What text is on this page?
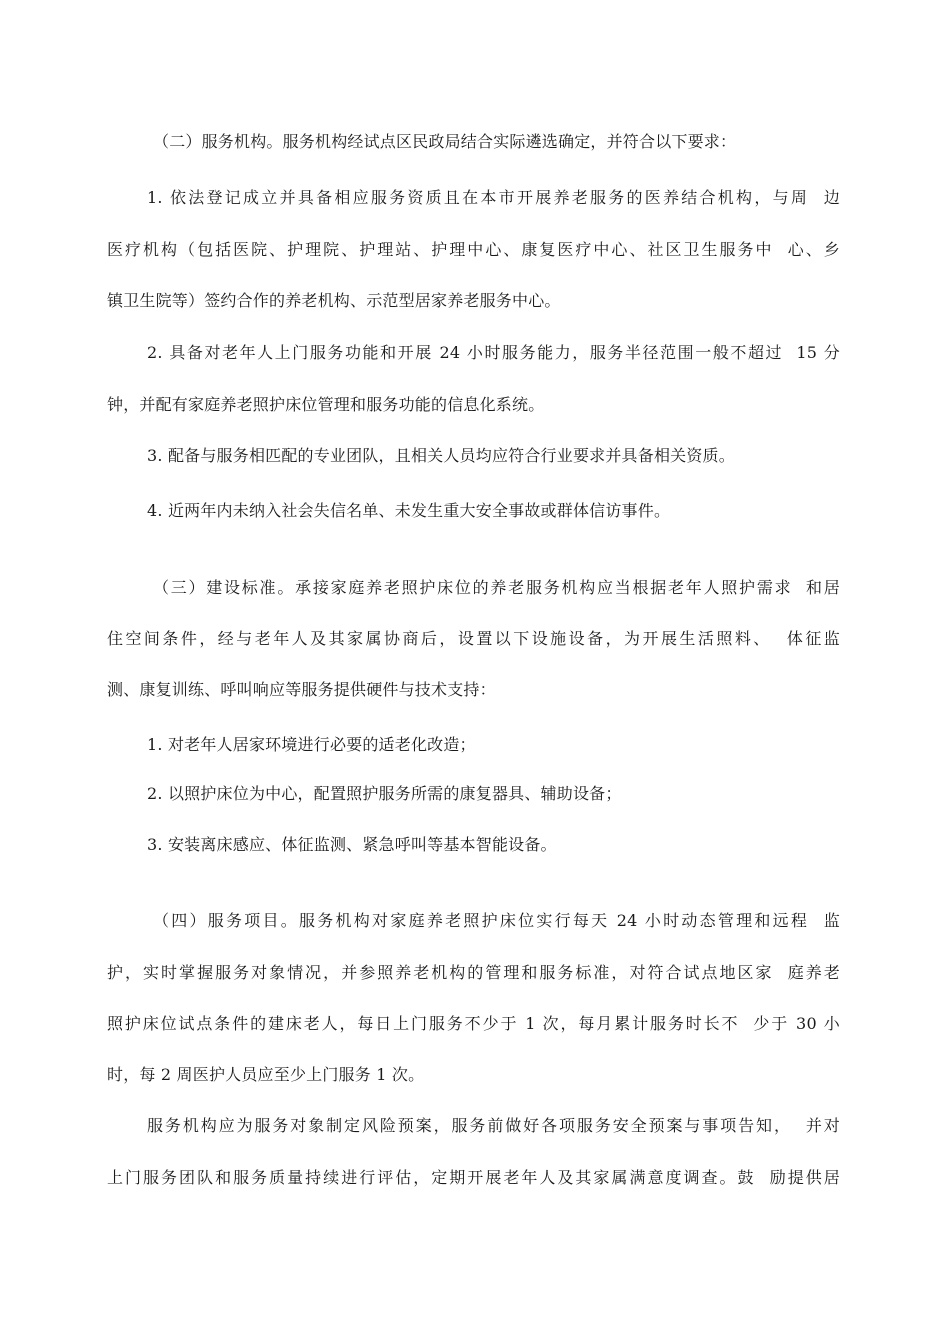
（二）服务机构。服务机构经试点区民政局结合实际遴选确定，并符合以下要求：
1. 依法登记成立并具备相应服务资质且在本市开展养老服务的医养结合机构，与周  边
医疗机构（包括医院、护理院、护理站、护理中心、康复医疗中心、社区卫生服务中  心、乡
镇卫生院等）签约合作的养老机构、示范型居家养老服务中心。
2. 具备对老年人上门服务功能和开展 24 小时服务能力，服务半径范围一般不超过  15 分
钟，并配有家庭养老照护床位管理和服务功能的信息化系统。
3. 配备与服务相匹配的专业团队，且相关人员均应符合行业要求并具备相关资质。
4. 近两年内未纳入社会失信名单、未发生重大安全事故或群体信访事件。
（三）建设标准。承接家庭养老照护床位的养老服务机构应当根据老年人照护需求  和居
住空间条件，经与老年人及其家属协商后，设置以下设施设备，为开展生活照料、  体征监
测、康复训练、呼叫响应等服务提供硬件与技术支持：
1. 对老年人居家环境进行必要的适老化改造；
2. 以照护床位为中心，配置照护服务所需的康复器具、辅助设备；
3. 安装离床感应、体征监测、紧急呼叫等基本智能设备。
（四）服务项目。服务机构对家庭养老照护床位实行每天 24 小时动态管理和远程  监
护，实时掌握服务对象情况，并参照养老机构的管理和服务标准，对符合试点地区家  庭养老
照护床位试点条件的建床老人，每日上门服务不少于 1 次，每月累计服务时长不  少于 30 小
时，每 2 周医护人员应至少上门服务 1 次。
服务机构应为服务对象制定风险预案，服务前做好各项服务安全预案与事项告知，  并对
上门服务团队和服务质量持续进行评估，定期开展老年人及其家属满意度调查。鼓  励提供居
